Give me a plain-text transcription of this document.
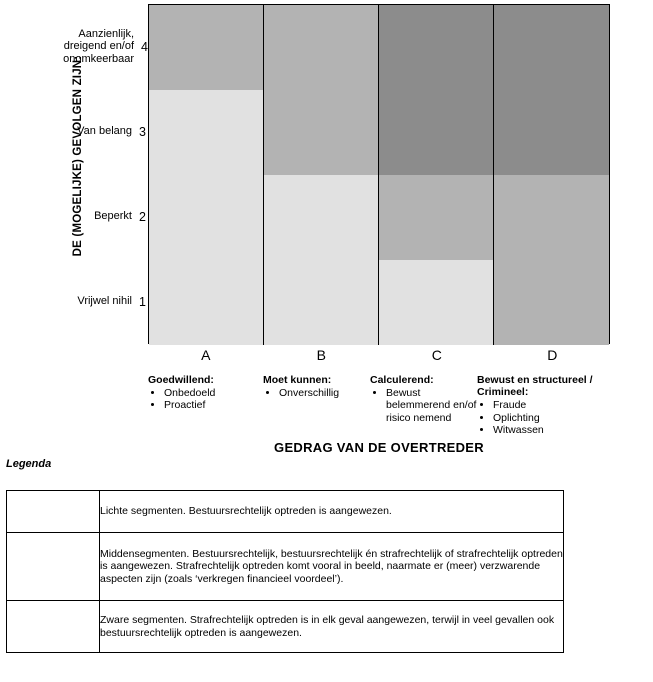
DE (MOGELIJKE) GEVOLGEN ZIJN:
Aanzienlijk, dreigend en/of onomkeerbaar
4
Van belang 3
Beperkt 2
Vrijwel nihil 1
A	B	C	D
Goedwillend:
• Onbedoeld
• Proactief
Moet kunnen:
• Onverschillig
Calculerend:
• Bewust belemmerend en/of risico nemend
Bewust en structureel / Crimineel:
• Fraude
• Oplichting
• Witwassen
GEDRAG VAN DE OVERTREDER
Legenda
	Lichte segmenten. Bestuursrechtelijk optreden is aangewezen.

	Middensegmenten. Bestuursrechtelijk, bestuursrechtelijk én strafrechtelijk of strafrechtelijk optreden is aangewezen. Strafrechtelijk optreden komt vooral in beeld, naarmate er (meer) verzwarende aspecten zijn (zoals ‘verkregen financieel voordeel’).

	Zware segmenten. Strafrechtelijk optreden is in elk geval aangewezen, terwijl in veel gevallen ook bestuursrechtelijk optreden is aangewezen.
